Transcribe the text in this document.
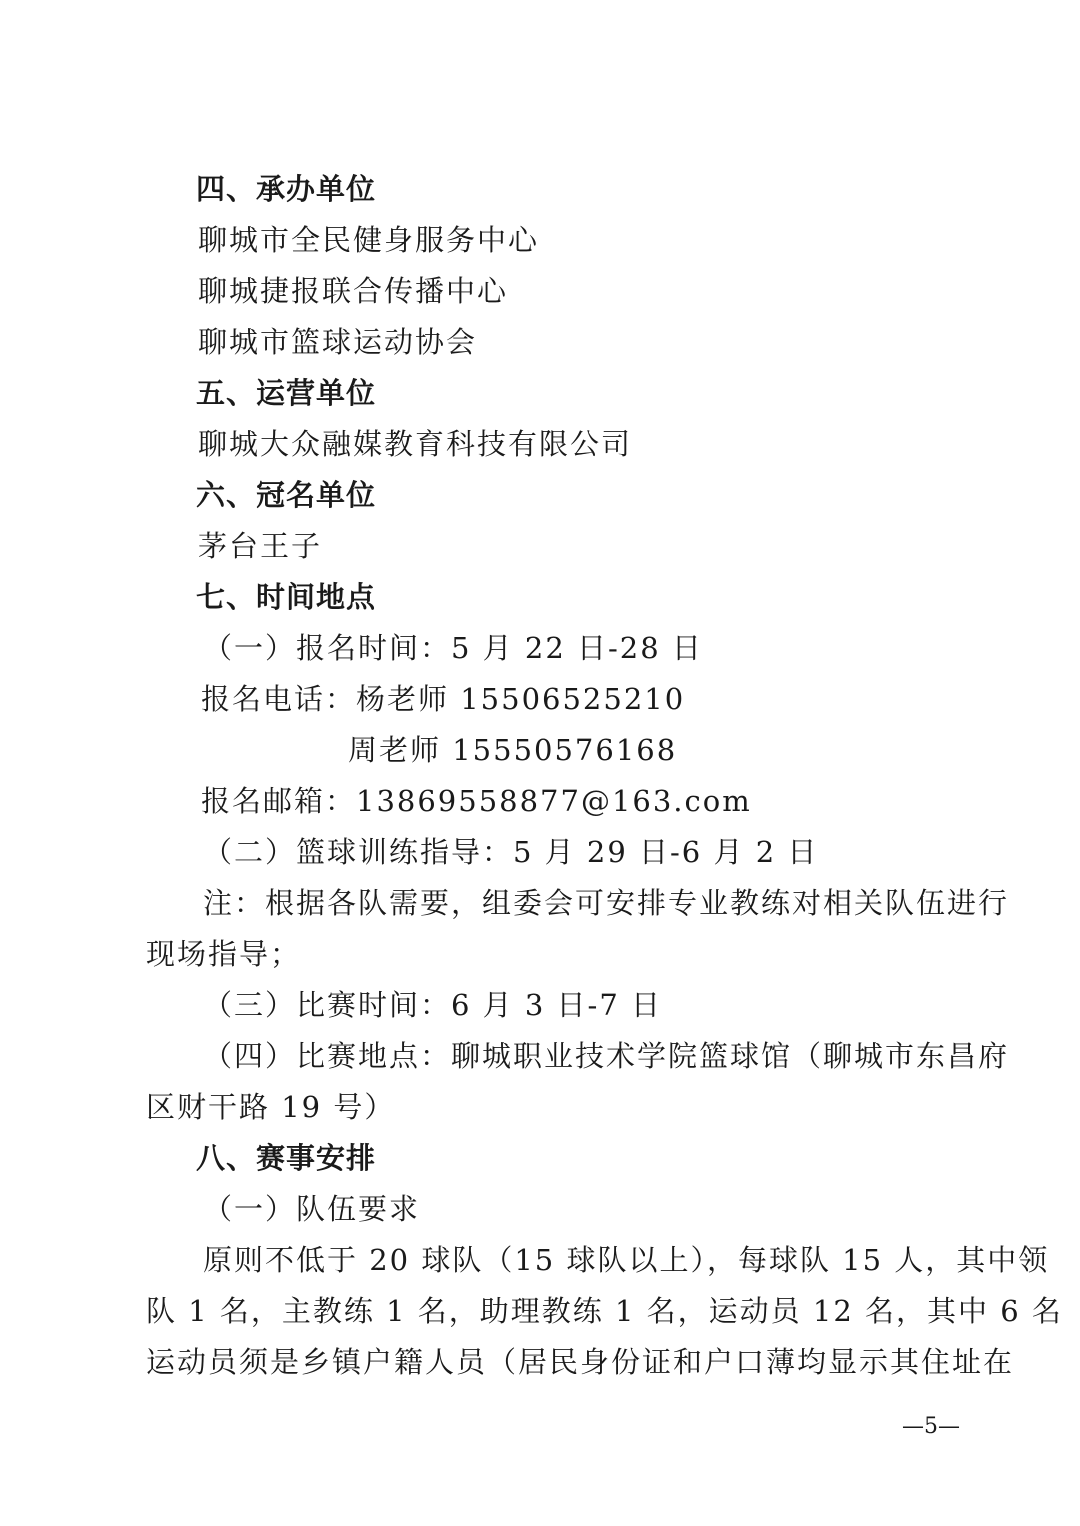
四、承办单位
聊城市全民健身服务中心
聊城捷报联合传播中心
聊城市篮球运动协会
五、运营单位
聊城大众融媒教育科技有限公司
六、冠名单位
茅台王子
七、时间地点
（一）报名时间：5 月 22 日-28 日
报名电话：杨老师 15506525210
周老师 15550576168
报名邮箱：13869558877@163.com
（二）篮球训练指导：5 月 29 日-6 月 2 日
注：根据各队需要，组委会可安排专业教练对相关队伍进行
现场指导；
（三）比赛时间：6 月 3 日-7 日
（四）比赛地点：聊城职业技术学院篮球馆（聊城市东昌府
区财干路 19 号）
八、赛事安排
（一）队伍要求
原则不低于 20 球队（15 球队以上），每球队 15 人，其中领
队 1 名，主教练 1 名，助理教练 1 名，运动员 12 名，其中 6 名
运动员须是乡镇户籍人员（居民身份证和户口薄均显示其住址在
—5—
